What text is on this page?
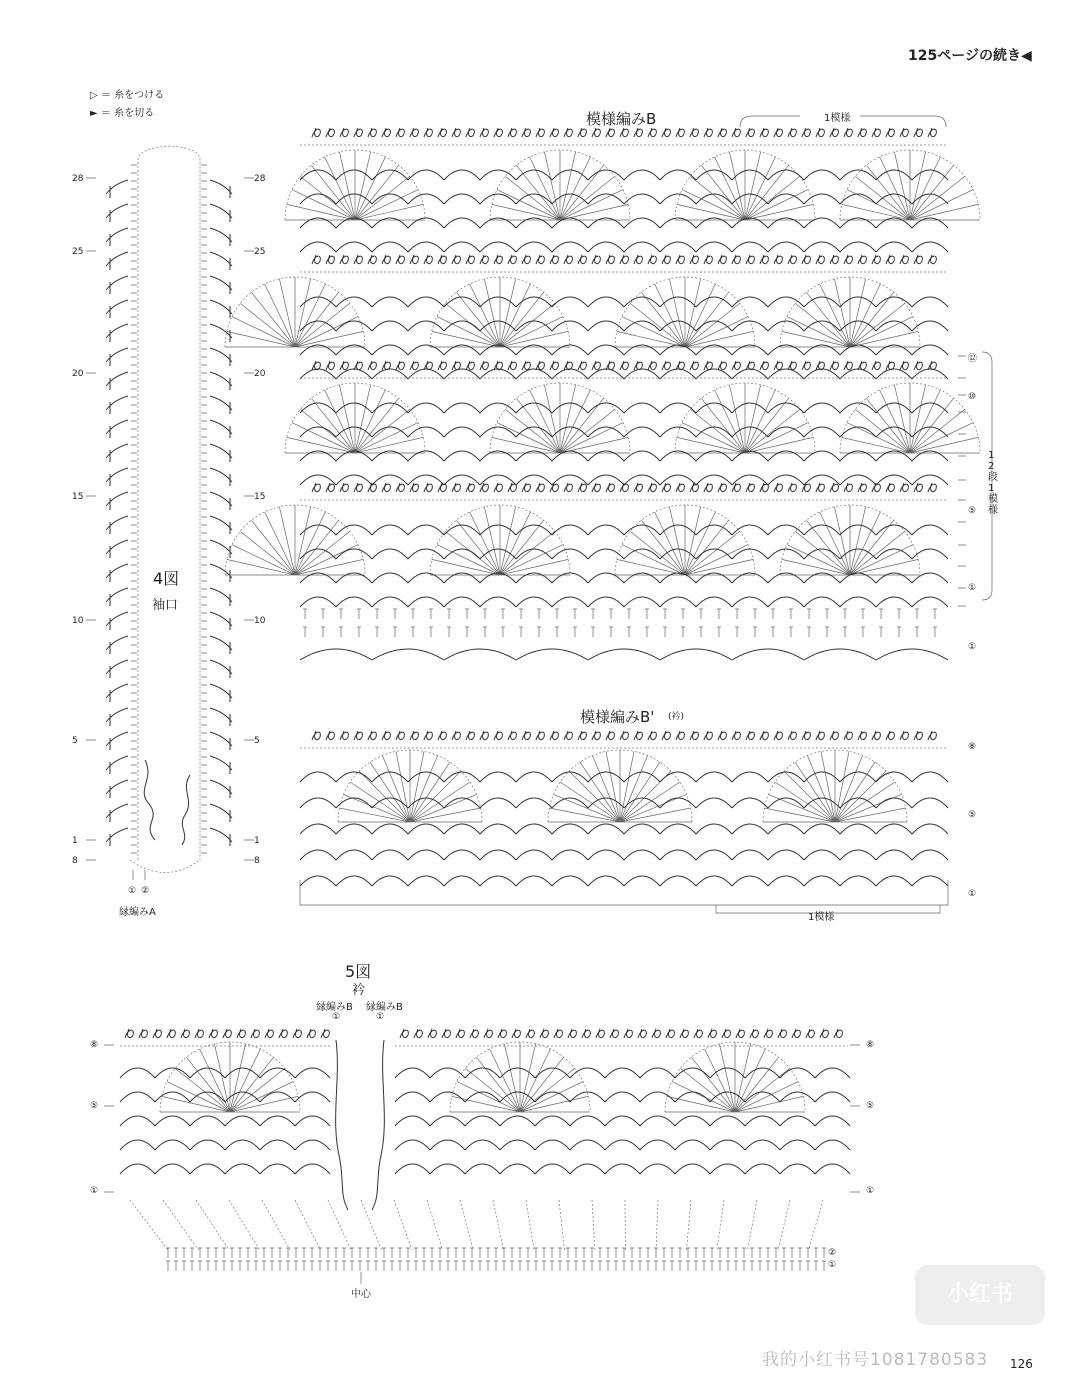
125ページの続き◀
▷ ＝ 糸をつける
► ＝ 糸を切る
4図
袖口
28	28
25	25
20	20
15	15
10	10
5	5
1	1
8	8
① ②
縁編みA
模様編みB	1模様
⑫
⑩
⑤
①
①
12段1模様
模様編みB' (衿)
1模様
⑧
⑤
①
5図
衿
縁編みB 縁編みB
①	①
⑧
⑤
①
⑧
⑤
①
②
①
中心	小红书
我的小红书号1081780583 126
